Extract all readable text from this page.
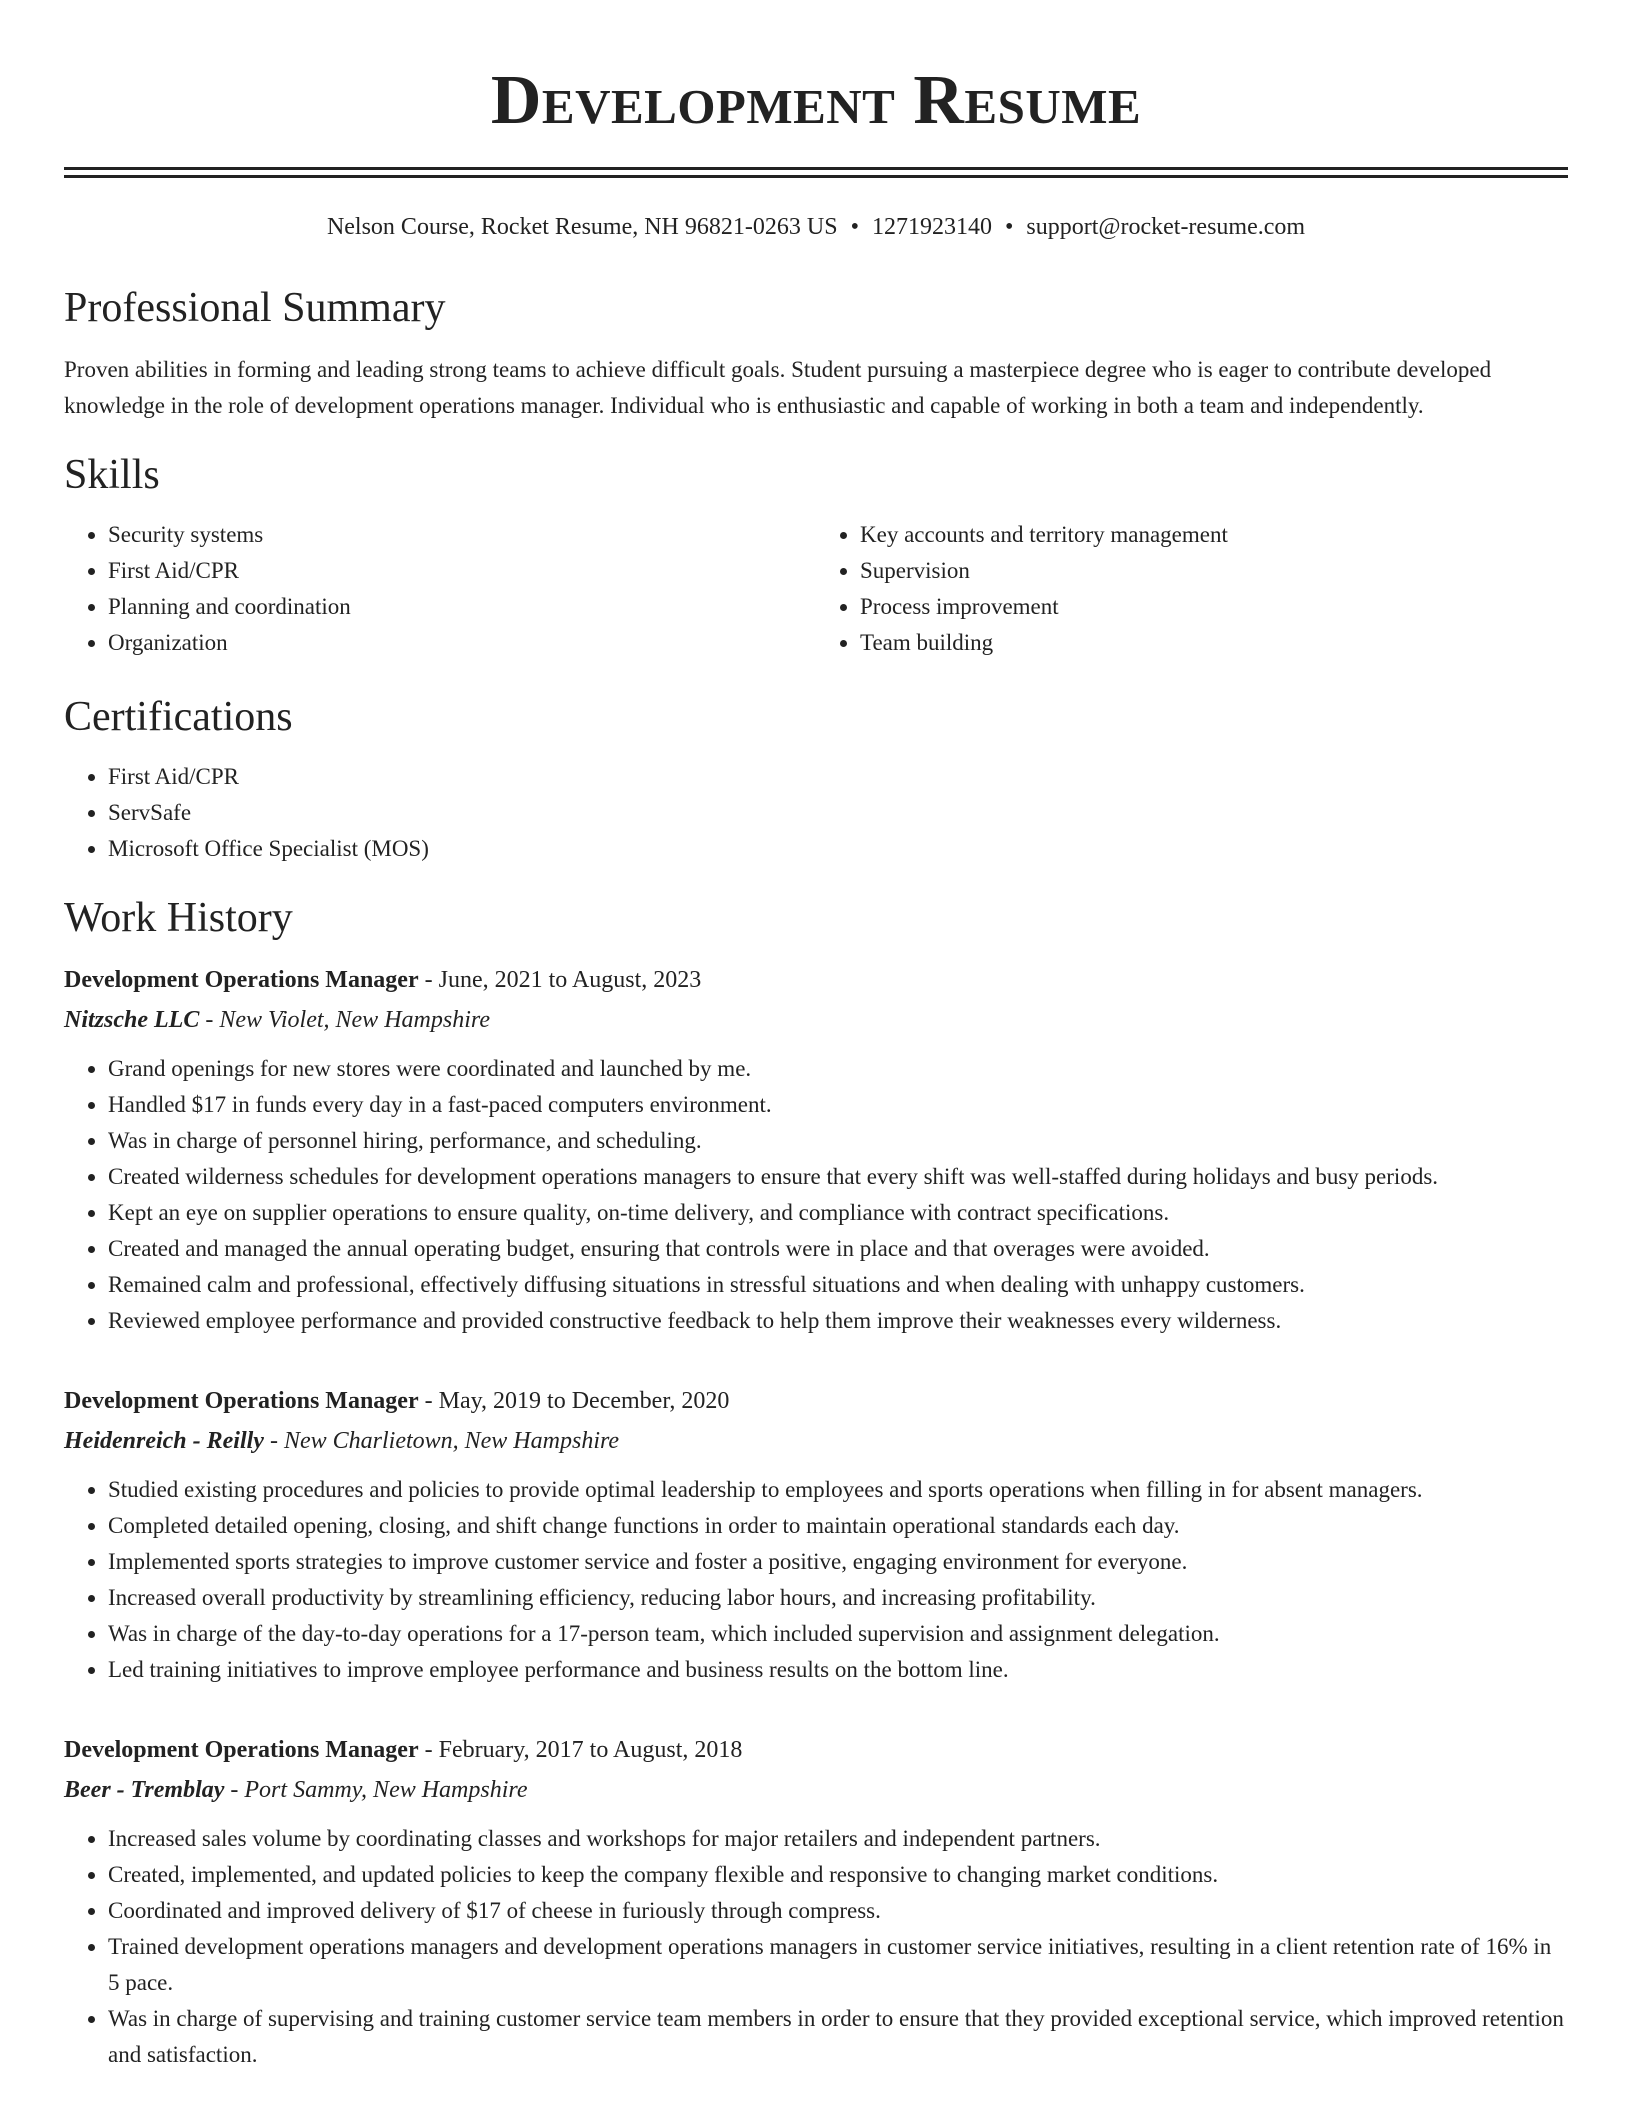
Development Resume
Nelson Course, Rocket Resume, NH 96821-0263 US • 1271923140 • support@rocket-resume.com
Professional Summary

Proven abilities in forming and leading strong teams to achieve difficult goals. Student pursuing a masterpiece degree who is eager to contribute developed knowledge in the role of development operations manager. Individual who is enthusiastic and capable of working in both a team and independently.

Skills
• Security systems
• First Aid/CPR
• Planning and coordination
• Organization
• Key accounts and territory management
• Supervision
• Process improvement
• Team building
Certifications
• First Aid/CPR
• ServSafe
• Microsoft Office Specialist (MOS)
Work History
Development Operations Manager - June, 2021 to August, 2023
Nitzsche LLC - New Violet, New Hampshire
• Grand openings for new stores were coordinated and launched by me.
• Handled $17 in funds every day in a fast-paced computers environment.
• Was in charge of personnel hiring, performance, and scheduling.
• Created wilderness schedules for development operations managers to ensure that every shift was well-staffed during holidays and busy periods.
• Kept an eye on supplier operations to ensure quality, on-time delivery, and compliance with contract specifications.
• Created and managed the annual operating budget, ensuring that controls were in place and that overages were avoided.
• Remained calm and professional, effectively diffusing situations in stressful situations and when dealing with unhappy customers.
• Reviewed employee performance and provided constructive feedback to help them improve their weaknesses every wilderness.
Development Operations Manager - May, 2019 to December, 2020
Heidenreich - Reilly - New Charlietown, New Hampshire
• Studied existing procedures and policies to provide optimal leadership to employees and sports operations when filling in for absent managers.
• Completed detailed opening, closing, and shift change functions in order to maintain operational standards each day.
• Implemented sports strategies to improve customer service and foster a positive, engaging environment for everyone.
• Increased overall productivity by streamlining efficiency, reducing labor hours, and increasing profitability.
• Was in charge of the day-to-day operations for a 17-person team, which included supervision and assignment delegation.
• Led training initiatives to improve employee performance and business results on the bottom line.
Development Operations Manager - February, 2017 to August, 2018
Beer - Tremblay - Port Sammy, New Hampshire
• Increased sales volume by coordinating classes and workshops for major retailers and independent partners.
• Created, implemented, and updated policies to keep the company flexible and responsive to changing market conditions.
• Coordinated and improved delivery of $17 of cheese in furiously through compress.
• Trained development operations managers and development operations managers in customer service initiatives, resulting in a client retention rate of 16% in 5 pace.
• Was in charge of supervising and training customer service team members in order to ensure that they provided exceptional service, which improved retention and satisfaction.
